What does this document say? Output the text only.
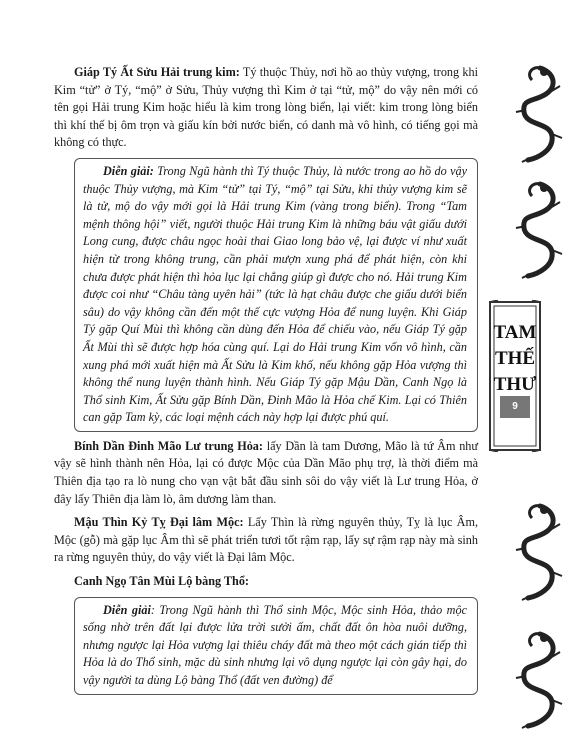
Giáp Tý Ất Sửu Hải trung kim: Tý thuộc Thủy, nơi hồ ao thủy vượng, trong khi Kim “tử” ở Tý, “mộ” ở Sửu, Thủy vượng thì Kim ở tại “tử, mộ” do vậy nên mới có tên gọi Hải trung Kim hoặc hiểu là kim trong lòng biển, lại viết: kim trong lòng biển thì khí thế bị ôm trọn và giấu kín bởi nước biển, có danh mà vô hình, có tiếng gọi mà không có thực.

Diễn giải: Trong Ngũ hành thì Tý thuộc Thủy, là nước trong ao hồ do vậy thuộc Thủy vượng, mà Kim “tử” tại Tý, “mộ” tại Sửu, khi thủy vượng kim sẽ là tử, mộ do vậy mới gọi là Hải trung Kim (vàng trong biển). Trong “Tam mệnh thông hội” viết, người thuộc Hải trung Kim là những báu vật giấu dưới Long cung, được châu ngọc hoài thai Giao long bảo vệ, lại được ví như xuất hiện từ trong không trung, cần phải mượn xung phá để phát hiện, còn khi chưa được phát hiện thì hỏa lục lại chẳng giúp gì được cho nó. Hải trung Kim được coi như “Châu tàng uyên hải” (tức là hạt châu được che giấu dưới biển sâu) do vậy không cần đến một thế cực vượng Hỏa để nung luyện. Khi Giáp Tý gặp Quí Mùi thì không cần dùng đến Hỏa để chiếu vào, nếu Giáp Tý gặp Ất Mùi thì sẽ được hợp hóa cùng quí. Lại do Hải trung Kim vốn vô hình, cần xung phá mới xuất hiện mà Ất Sửu là Kim khố, nếu không gặp Hỏa vượng thì không thể nung luyện thành hình. Nếu Giáp Tý gặp Mậu Dần, Canh Ngọ là Thổ sinh Kim, Ất Sửu gặp Bính Dần, Đinh Mão là Hỏa chế Kim. Lại có Thiên can gặp Tam kỳ, các loại mệnh cách này hợp lại được phú quí.

Bính Dần Đinh Mão Lư trung Hỏa: lấy Dần là tam Dương, Mão là tứ Âm như vậy sẽ hình thành nên Hỏa, lại có được Mộc của Dần Mão phụ trợ, là thời điểm mà Thiên địa tạo ra lò nung cho vạn vật bắt đầu sinh sôi do vậy viết là Lư trung Hỏa, ở đây lấy Thiên địa làm lò, âm dương làm than.

Mậu Thìn Kỷ Tỵ Đại lâm Mộc: Lấy Thìn là rừng nguyên thủy, Tỵ là lục Âm, Mộc (gỗ) mà gặp lục Âm thì sẽ phát triển tươi tốt rậm rạp, lấy sự rậm rạp này mà sinh ra rừng nguyên thủy, do vậy viết là Đại lâm Mộc.

Canh Ngọ Tân Mùi Lộ bàng Thổ:

Diễn giải: Trong Ngũ hành thì Thổ sinh Mộc, Mộc sinh Hỏa, thảo mộc sống nhờ trên đất lại được lửa trời sưởi ấm, chất đất ôn hòa nuôi dưỡng, nhưng ngược lại Hỏa vượng lại thiêu cháy đất mà theo một cách gián tiếp thì Hỏa là do Thổ sinh, mặc dù sinh nhưng lại vô dụng ngược lại còn gây hại, do vậy người ta dùng Lộ bàng Thổ (đất ven đường) để

TAM
THẾ
THƯ
9
